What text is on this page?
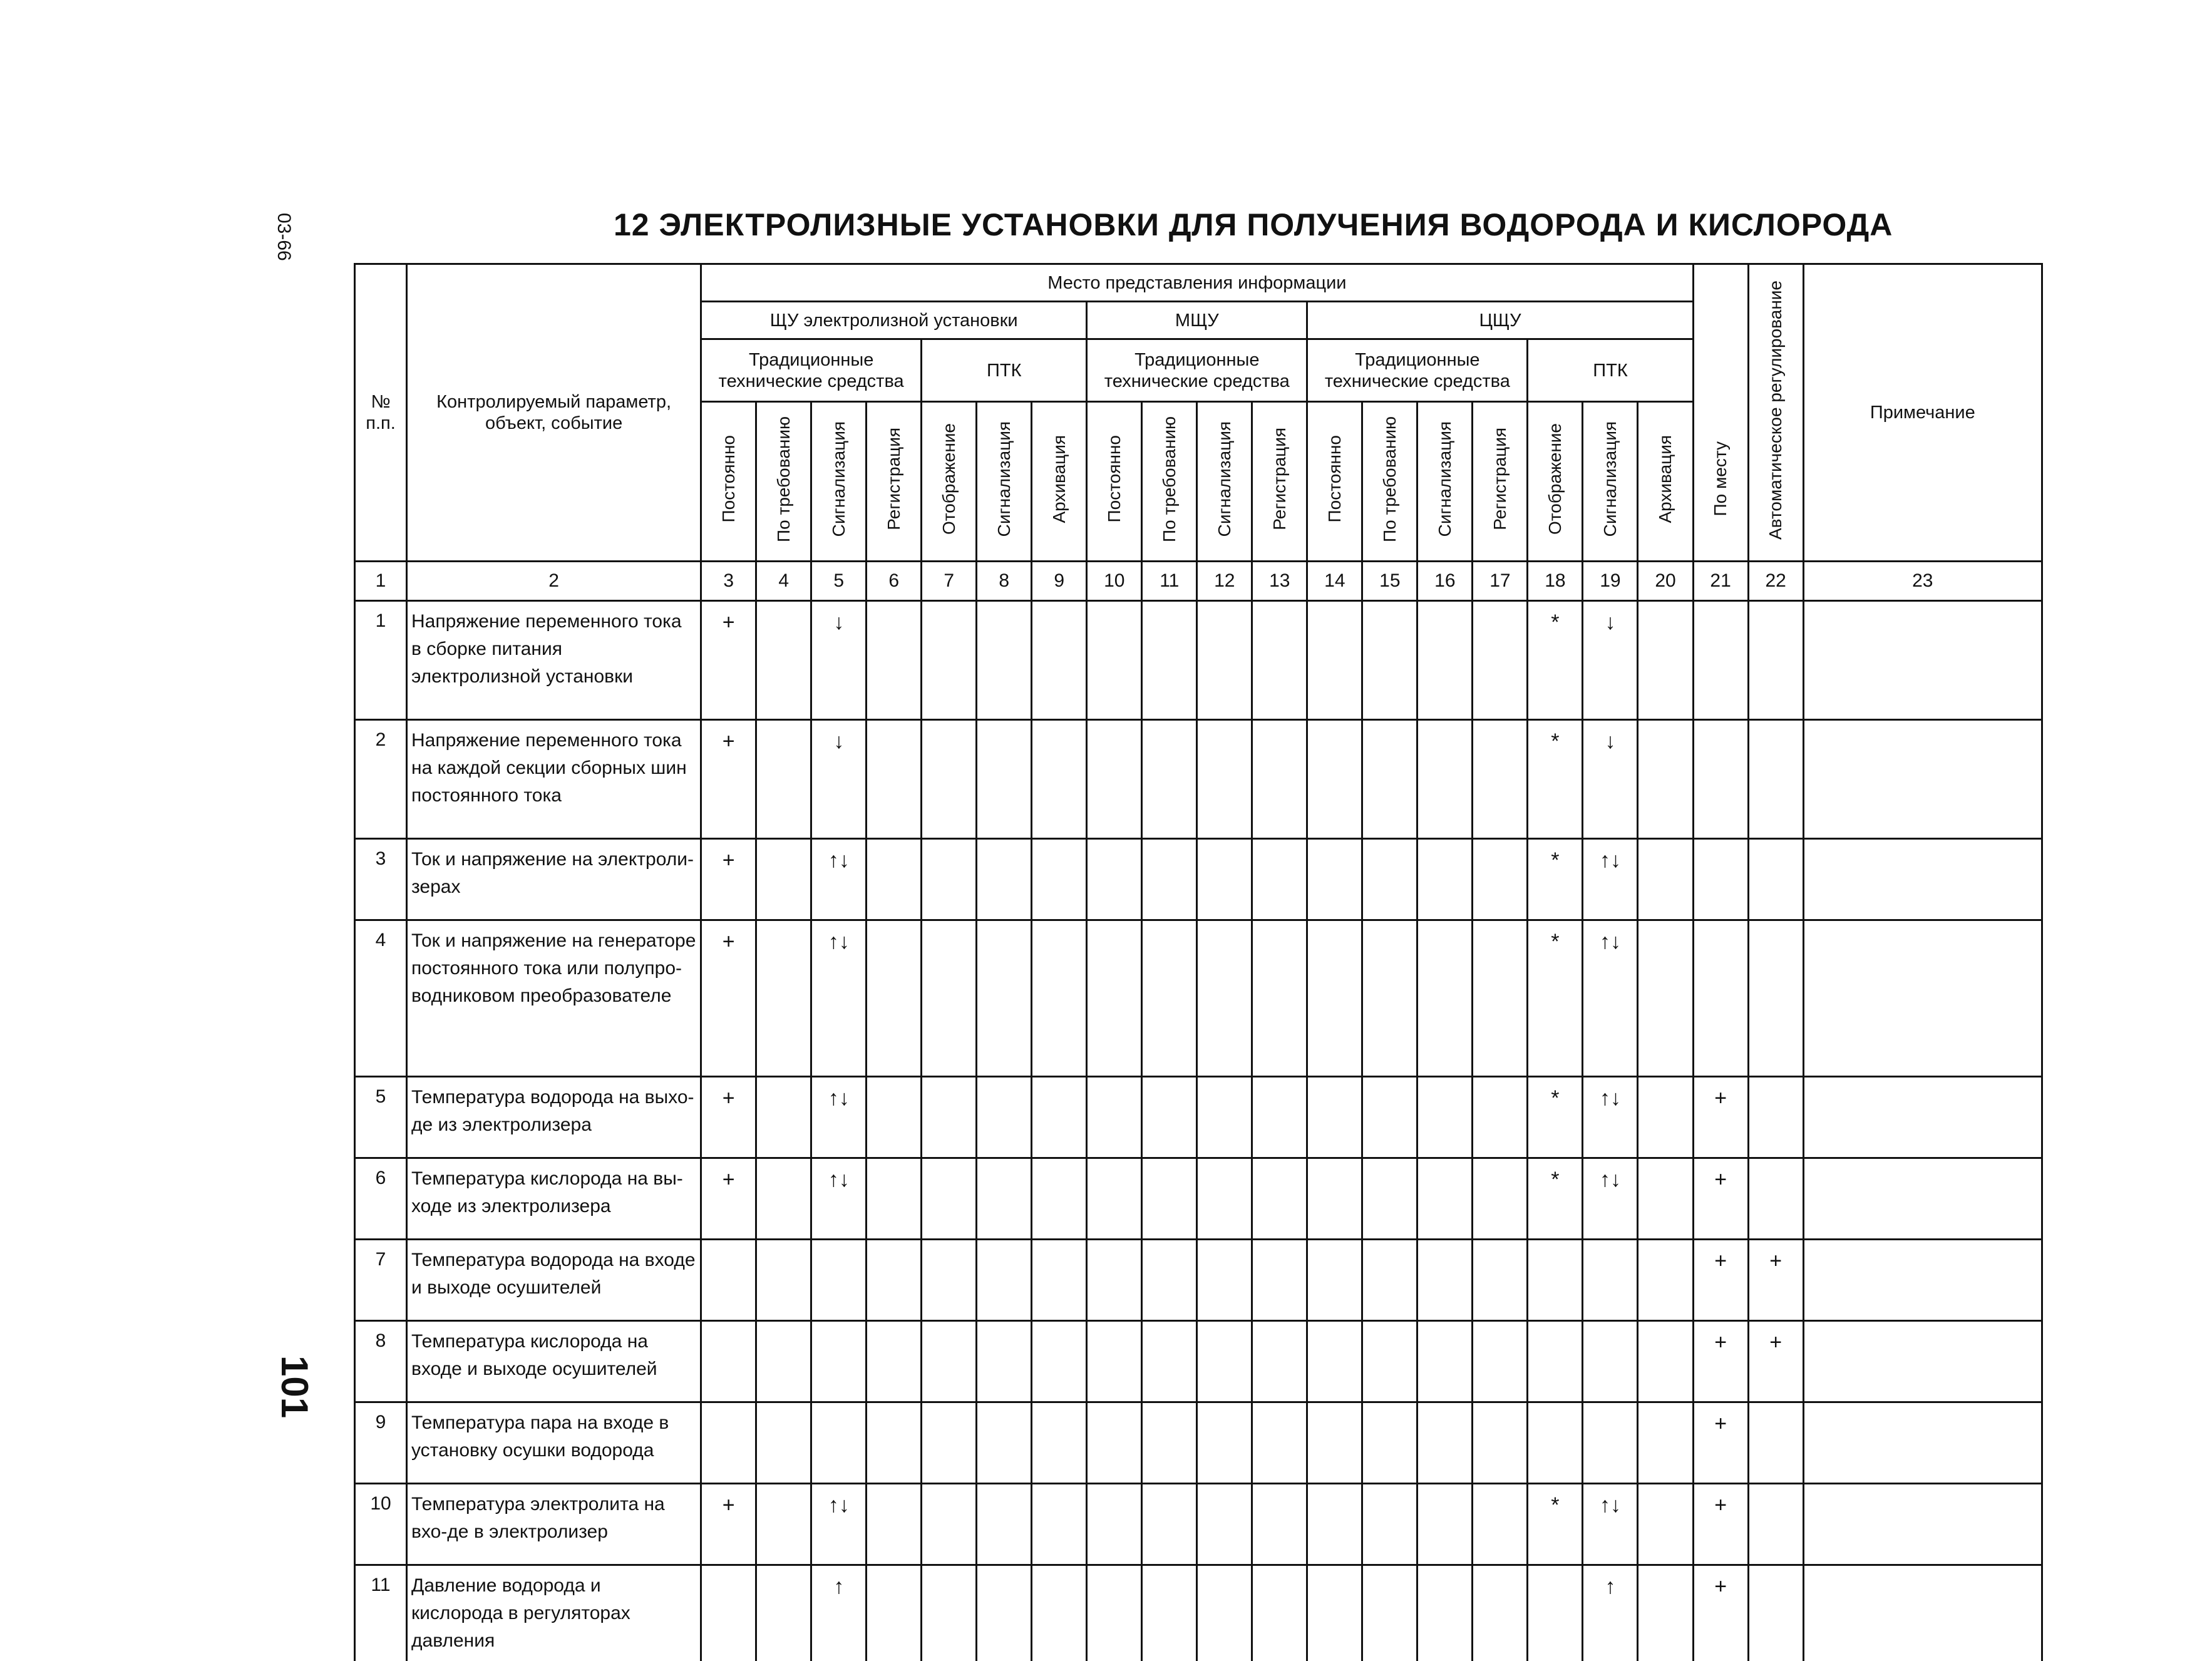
03-66
101
12 ЭЛЕКТРОЛИЗНЫЕ УСТАНОВКИ ДЛЯ ПОЛУЧЕНИЯ ВОДОРОДА И КИСЛОРОДА
№ п.п.	Контролируемый параметр, объект, событие	Место представления информации																			Автоматическое регулирование	Примечание
		ЩУ электролизной установки							МЩУ				ЦЩУ									
		Традиционные технические средства				ПТК			Традиционные технические средства				Традиционные технические средства				ПТК					
		Постоянно	По требованию	Сигнализация	Регистрация	Отображение	Сигнализация	Архивация	Постоянно	По требованию	Сигнализация	Регистрация	Постоянно	По требованию	Сигнализация	Регистрация	Отображение	Сигнализация	Архивация	По месту		
1	2	3	4	5	6	7	8	9	10	11	12	13	14	15	16	17	18	19	20	21	22	23
1	Напряжение переменного тока в сборке питания электролизной установки	+		↓													*	↓				
2	Напряжение переменного тока на каждой секции сборных шин постоянного тока	+		↓													*	↓				
3	Ток и напряжение на электроли-зерах	+		↑↓													*	↑↓				
4	Ток и напряжение на генераторе постоянного тока или полупро-водниковом преобразователе	+		↑↓													*	↑↓				
5	Температура водорода на выхо-де из электролизера	+		↑↓													*	↑↓		+		
6	Температура кислорода на вы-ходе из электролизера	+		↑↓													*	↑↓		+		
7	Температура водорода на входе и выходе осушителей																			+	+	
8	Температура кислорода на входе и выходе осушителей																			+	+	
9	Температура пара на входе в установку осушки водорода																			+		
10	Температура электролита на вхо-де в электролизер	+		↑↓													*	↑↓		+		
11	Давление водорода и кислорода в регуляторах давления			↑														↑		+		
